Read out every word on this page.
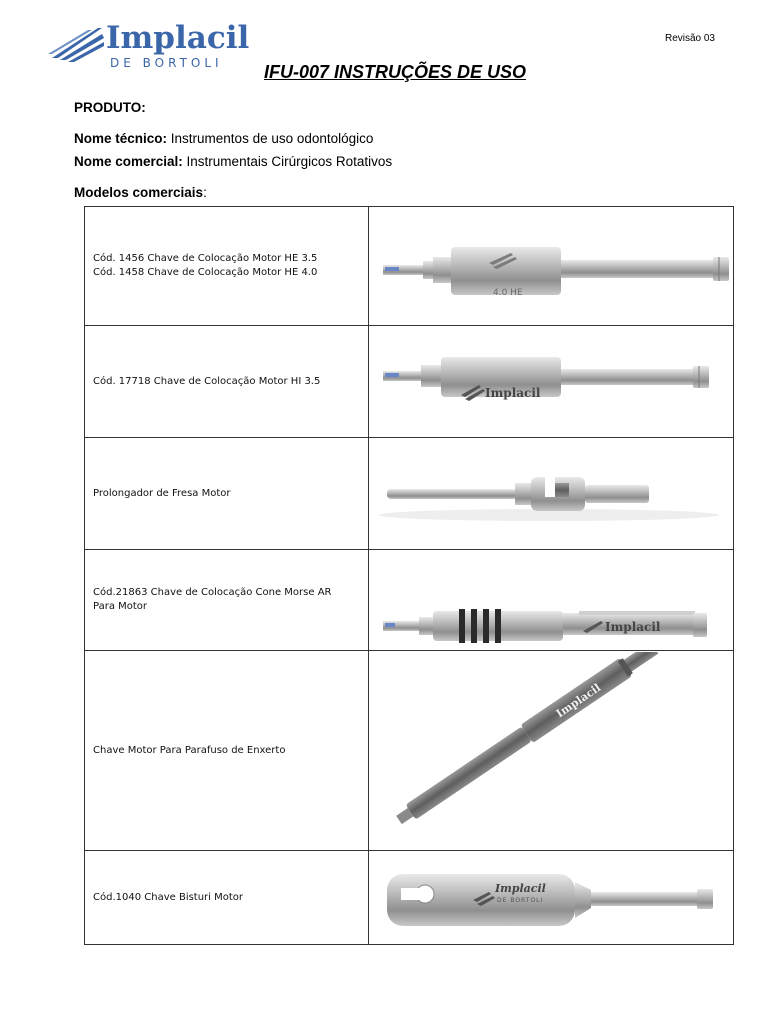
Implacil
DE BORTOLI
Revisão 03
IFU-007 INSTRUÇÕES DE USO
PRODUTO:
Nome técnico: Instrumentos de uso odontológico
Nome comercial: Instrumentais Cirúrgicos Rotativos
Modelos comerciais:
Cód. 1456 Chave de Colocação Motor HE 3.5
Cód. 1458 Chave de Colocação Motor HE 4.0	4.0 HE

Cód. 17718 Chave de Colocação Motor HI 3.5	Implacil

Prolongador de Fresa Motor

Cód.21863 Chave de Colocação Cone Morse AR
Para Motor	Implacil

Chave Motor Para Parafuso de Enxerto	Implacil

Cód.1040 Chave Bisturi Motor	Implacil
DE BORTOLI
